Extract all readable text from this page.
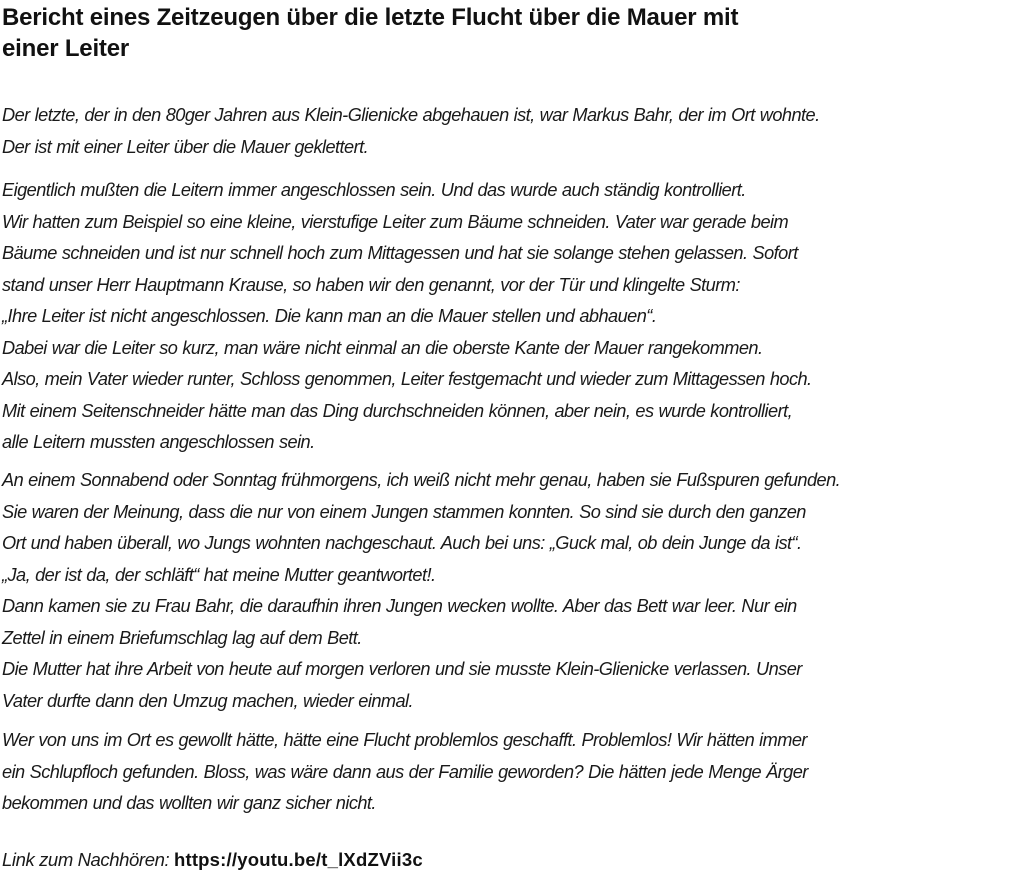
Bericht eines Zeitzeugen über die letzte Flucht über die Mauer mit
einer Leiter

Der letzte, der in den 80ger Jahren aus Klein-Glienicke abgehauen ist, war Markus Bahr, der im Ort wohnte.
Der ist mit einer Leiter über die Mauer geklettert.

Eigentlich mußten die Leitern immer angeschlossen sein. Und das wurde auch ständig kontrolliert.
Wir hatten zum Beispiel so eine kleine, vierstufige Leiter zum Bäume schneiden. Vater war gerade beim
Bäume schneiden und ist nur schnell hoch zum Mittagessen und hat sie solange stehen gelassen. Sofort
stand unser Herr Hauptmann Krause, so haben wir den genannt, vor der Tür und klingelte Sturm:
„Ihre Leiter ist nicht angeschlossen. Die kann man an die Mauer stellen und abhauen“.
Dabei war die Leiter so kurz, man wäre nicht einmal an die oberste Kante der Mauer rangekommen.
Also, mein Vater wieder runter, Schloss genommen, Leiter festgemacht und wieder zum Mittagessen hoch.
Mit einem Seitenschneider hätte man das Ding durchschneiden können, aber nein, es wurde kontrolliert,
alle Leitern mussten angeschlossen sein.

An einem Sonnabend oder Sonntag frühmorgens, ich weiß nicht mehr genau, haben sie Fußspuren gefunden.
Sie waren der Meinung, dass die nur von einem Jungen stammen konnten. So sind sie durch den ganzen
Ort und haben überall, wo Jungs wohnten nachgeschaut. Auch bei uns: „Guck mal, ob dein Junge da ist“.
„Ja, der ist da, der schläft“ hat meine Mutter geantwortet!.
Dann kamen sie zu Frau Bahr, die daraufhin ihren Jungen wecken wollte. Aber das Bett war leer. Nur ein
Zettel in einem Briefumschlag lag auf dem Bett.
Die Mutter hat ihre Arbeit von heute auf morgen verloren und sie musste Klein-Glienicke verlassen. Unser
Vater durfte dann den Umzug machen, wieder einmal.

Wer von uns im Ort es gewollt hätte, hätte eine Flucht problemlos geschafft. Problemlos! Wir hätten immer
ein Schlupfloch gefunden. Bloss, was wäre dann aus der Familie geworden? Die hätten jede Menge Ärger
bekommen und das wollten wir ganz sicher nicht.

Link zum Nachhören: https://youtu.be/t_lXdZVii3c
